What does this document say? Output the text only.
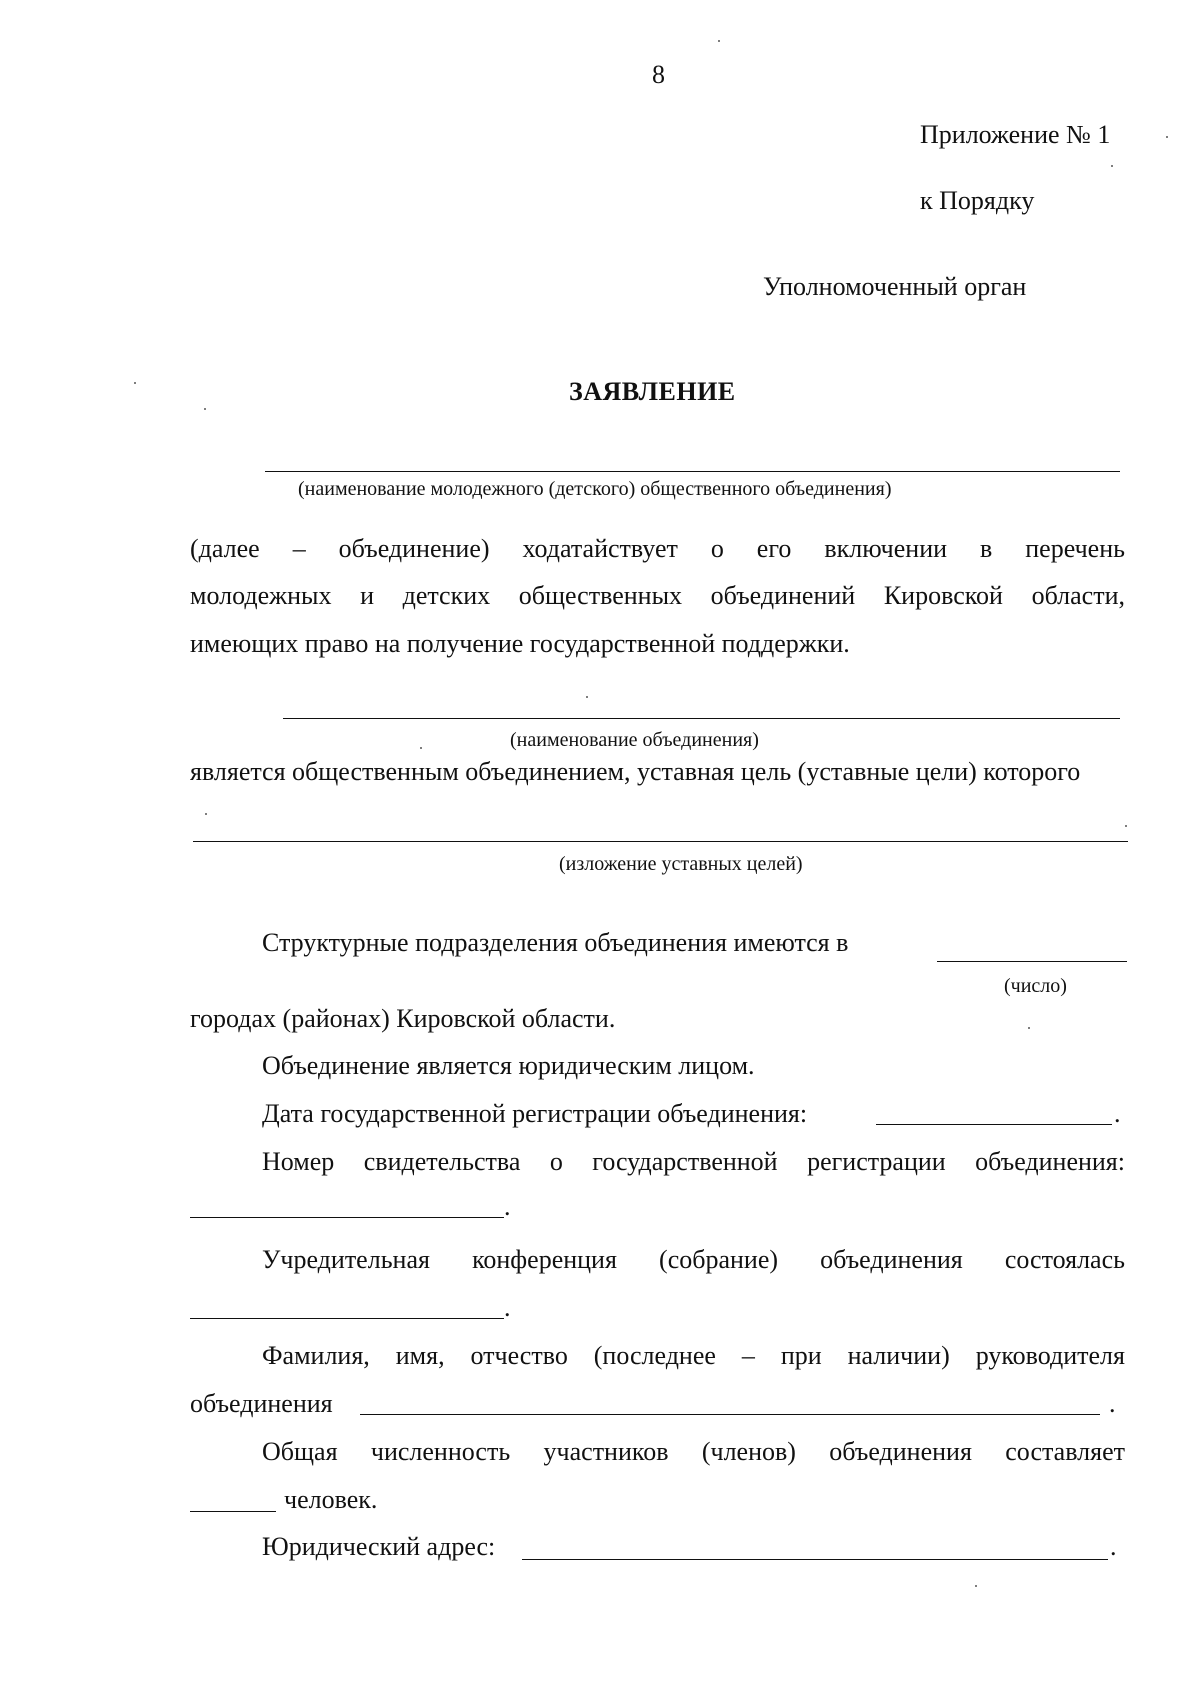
8
Приложение № 1
к Порядку
Уполномоченный орган
ЗАЯВЛЕНИЕ
(наименование молодежного (детского) общественного объединения)
(далее – объединение) ходатайствует о его включении в перечень
молодежных и детских общественных объединений Кировской области,
имеющих право на получение государственной поддержки.
(наименование объединения)
является общественным объединением, уставная цель (уставные цели) которого
(изложение уставных целей)
Структурные подразделения объединения имеются в
(число)
городах (районах) Кировской области.
Объединение является юридическим лицом.
Дата государственной регистрации объединения:	.
Номер свидетельства о государственной регистрации объединения:
.
Учредительная конференция (собрание) объединения состоялась
.
Фамилия, имя, отчество (последнее – при наличии) руководителя
объединения	.
Общая численность участников (членов) объединения составляет
человек.
Юридический адрес:	.
